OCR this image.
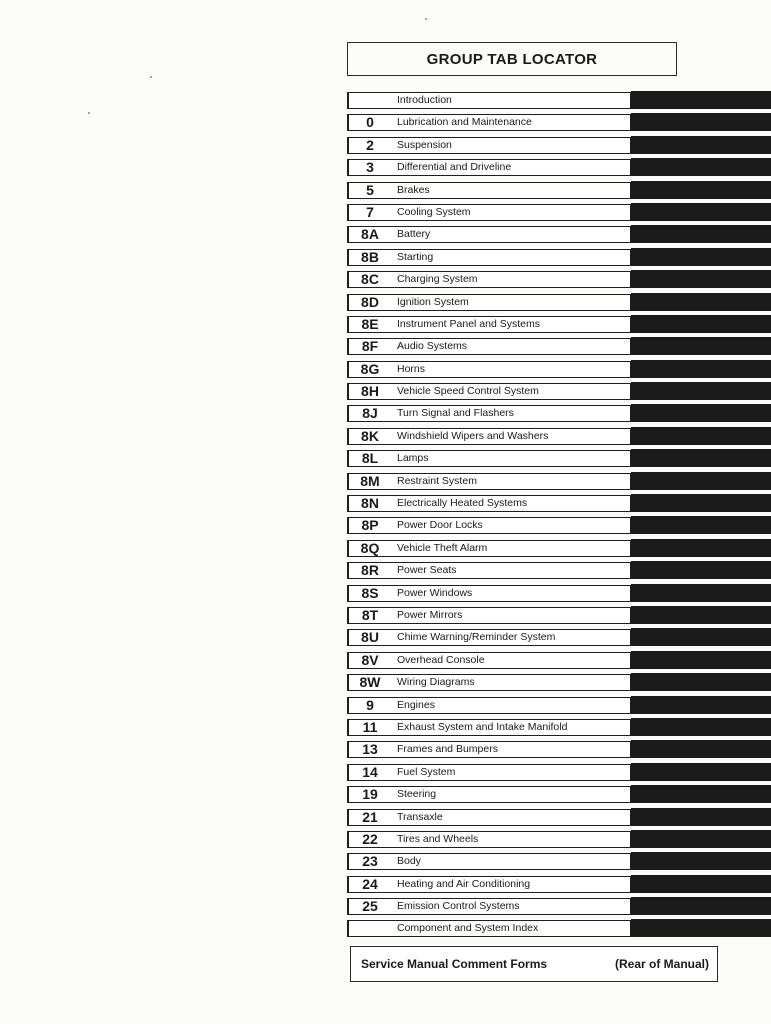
GROUP TAB LOCATOR
Introduction
0	Lubrication and Maintenance
2	Suspension
3	Differential and Driveline
5	Brakes
7	Cooling System
8A	Battery
8B	Starting
8C	Charging System
8D	Ignition System
8E	Instrument Panel and Systems
8F	Audio Systems
8G	Horns
8H	Vehicle Speed Control System
8J	Turn Signal and Flashers
8K	Windshield Wipers and Washers
8L	Lamps
8M	Restraint System
8N	Electrically Heated Systems
8P	Power Door Locks
8Q	Vehicle Theft Alarm
8R	Power Seats
8S	Power Windows
8T	Power Mirrors
8U	Chime Warning/Reminder System
8V	Overhead Console
8W	Wiring Diagrams
9	Engines
11	Exhaust System and Intake Manifold
13	Frames and Bumpers
14	Fuel System
19	Steering
21	Transaxle
22	Tires and Wheels
23	Body
24	Heating and Air Conditioning
25	Emission Control Systems
Component and System Index
Service Manual Comment Forms	(Rear of Manual)
